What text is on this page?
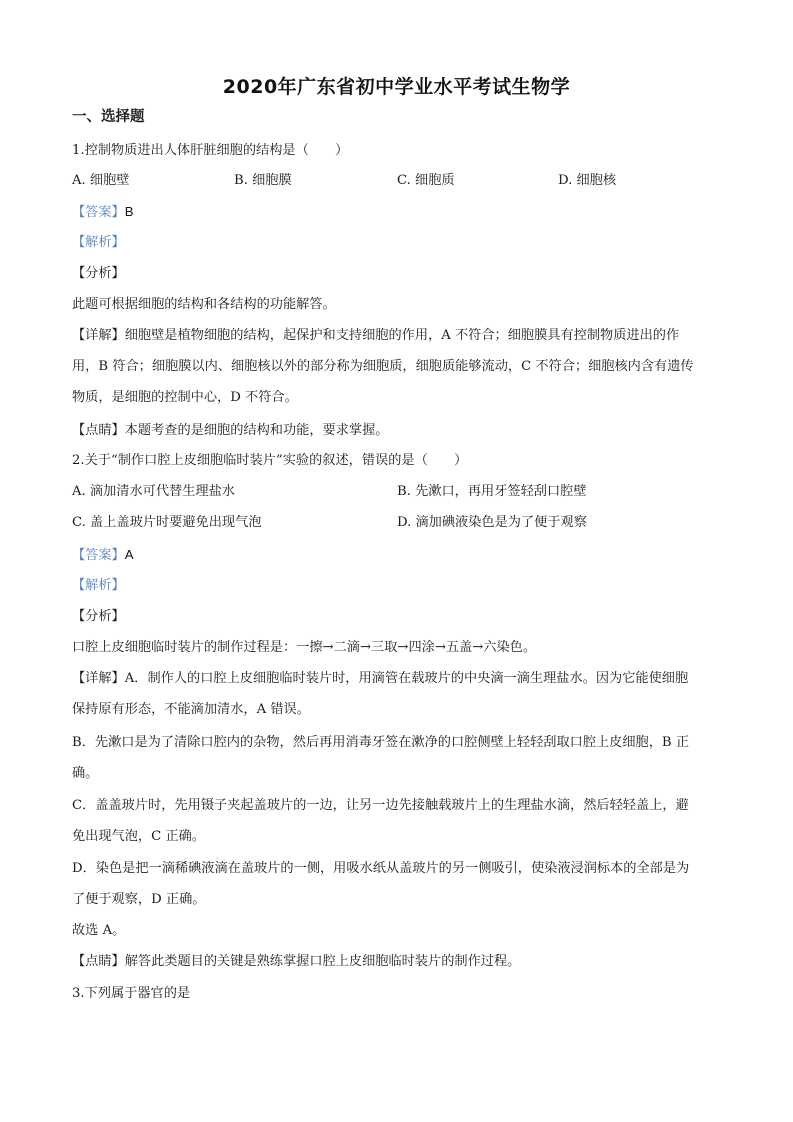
2020年广东省初中学业水平考试生物学
一、选择题
1.控制物质进出人体肝脏细胞的结构是（　　）
A. 细胞壁	B. 细胞膜	C. 细胞质	D. 细胞核
【答案】B
【解析】
【分析】
此题可根据细胞的结构和各结构的功能解答。
【详解】细胞壁是植物细胞的结构，起保护和支持细胞的作用，A 不符合；细胞膜具有控制物质进出的作
用，B 符合；细胞膜以内、细胞核以外的部分称为细胞质，细胞质能够流动，C 不符合；细胞核内含有遗传
物质，是细胞的控制中心，D 不符合。
【点睛】本题考查的是细胞的结构和功能，要求掌握。
2.关于“制作口腔上皮细胞临时装片”实验的叙述，错误的是（　　）
A. 滴加清水可代替生理盐水	B. 先漱口，再用牙签轻刮口腔壁
C. 盖上盖玻片时要避免出现气泡	D. 滴加碘液染色是为了便于观察
【答案】A
【解析】
【分析】
口腔上皮细胞临时装片的制作过程是：一擦→二滴→三取→四涂→五盖→六染色。
【详解】A．制作人的口腔上皮细胞临时装片时，用滴管在载玻片的中央滴一滴生理盐水。因为它能使细胞
保持原有形态，不能滴加清水，A 错误。
B．先漱口是为了清除口腔内的杂物，然后再用消毒牙签在漱净的口腔侧壁上轻轻刮取口腔上皮细胞，B 正
确。
C．盖盖玻片时，先用镊子夹起盖玻片的一边，让另一边先接触载玻片上的生理盐水滴，然后轻轻盖上，避
免出现气泡，C 正确。
D．染色是把一滴稀碘液滴在盖玻片的一侧，用吸水纸从盖玻片的另一侧吸引，使染液浸润标本的全部是为
了便于观察，D 正确。
故选 A。
【点睛】解答此类题目的关键是熟练掌握口腔上皮细胞临时装片的制作过程。
3.下列属于器官的是
